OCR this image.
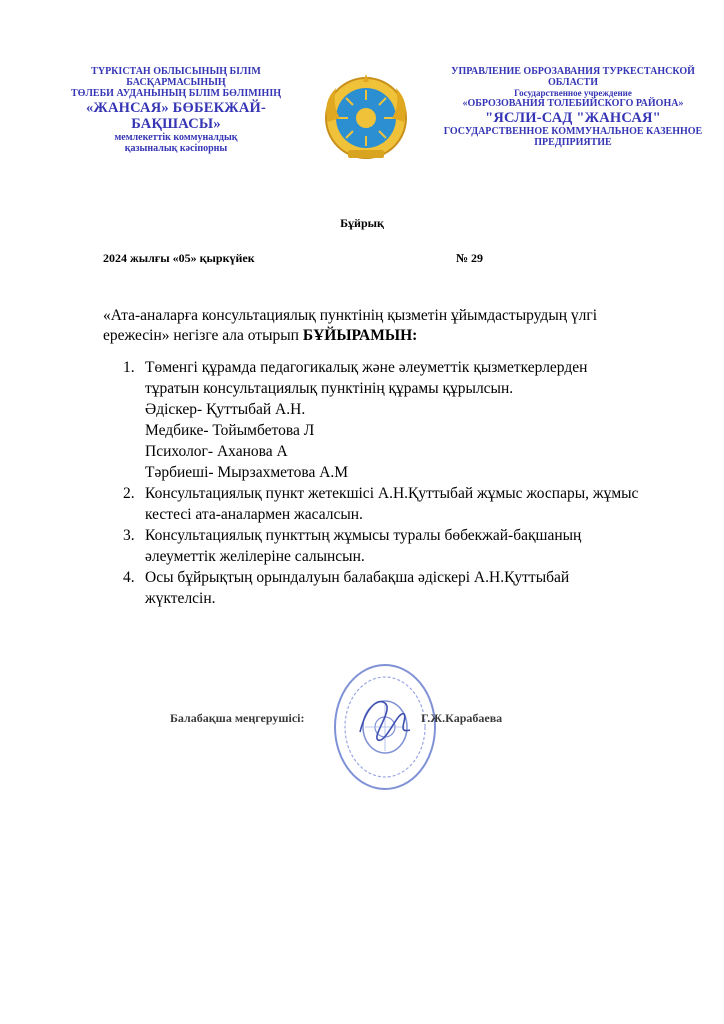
ТҮРКІСТАН ОБЛЫСЫНЫҢ БІЛІМ
БАСҚАРМАСЫНЫҢ
ТӨЛЕБИ АУДАНЫНЫҢ БІЛІМ БӨЛІМІНІҢ
«ЖАНСАЯ» БӨБЕКЖАЙ-
БАҚШАСЫ»
мемлекеттік коммуналдық
қазыналық кәсіпорны
УПРАВЛЕНИЕ ОБРОЗАВАНИЯ ТУРКЕСТАНСКОЙ
ОБЛАСТИ
Государственное учреждение
«ОБРОЗОВАНИЯ ТОЛЕБИЙСКОГО РАЙОНА»
"ЯСЛИ-САД "ЖАНСАЯ"
ГОСУДАРСТВЕННОЕ КОММУНАЛЬНОЕ КАЗЕННОЕ
ПРЕДПРИЯТИЕ
Бұйрық
2024 жылғы «05» қыркүйек	№ 29
«Ата-аналарға консультациялық пунктінің қызметін ұйымдастырудың үлгі ережесін» негізге ала отырып БҰЙЫРАМЫН:
1. Төменгі құрамда педагогикалық және әлеуметтік қызметкерлерден тұратын консультациялық пунктінің құрамы құрылсын.
Әдіскер- Қуттыбай А.Н.
Медбике- Тойымбетова Л
Психолог- Аханова А
Тәрбиеші- Мырзахметова А.М
2. Консультациялық пункт жетекшісі А.Н.Қуттыбай жұмыс жоспары, жұмыс кестесі ата-аналармен жасалсын.
3. Консультациялық пункттың жұмысы туралы бөбекжай-бақшаның әлеуметтік желілеріне салынсын.
4. Осы бұйрықтың орындалуын балабақша әдіскері А.Н.Қуттыбай жүктелсін.
Балабақша меңгерушісі:	Г.Ж.Карабаева
